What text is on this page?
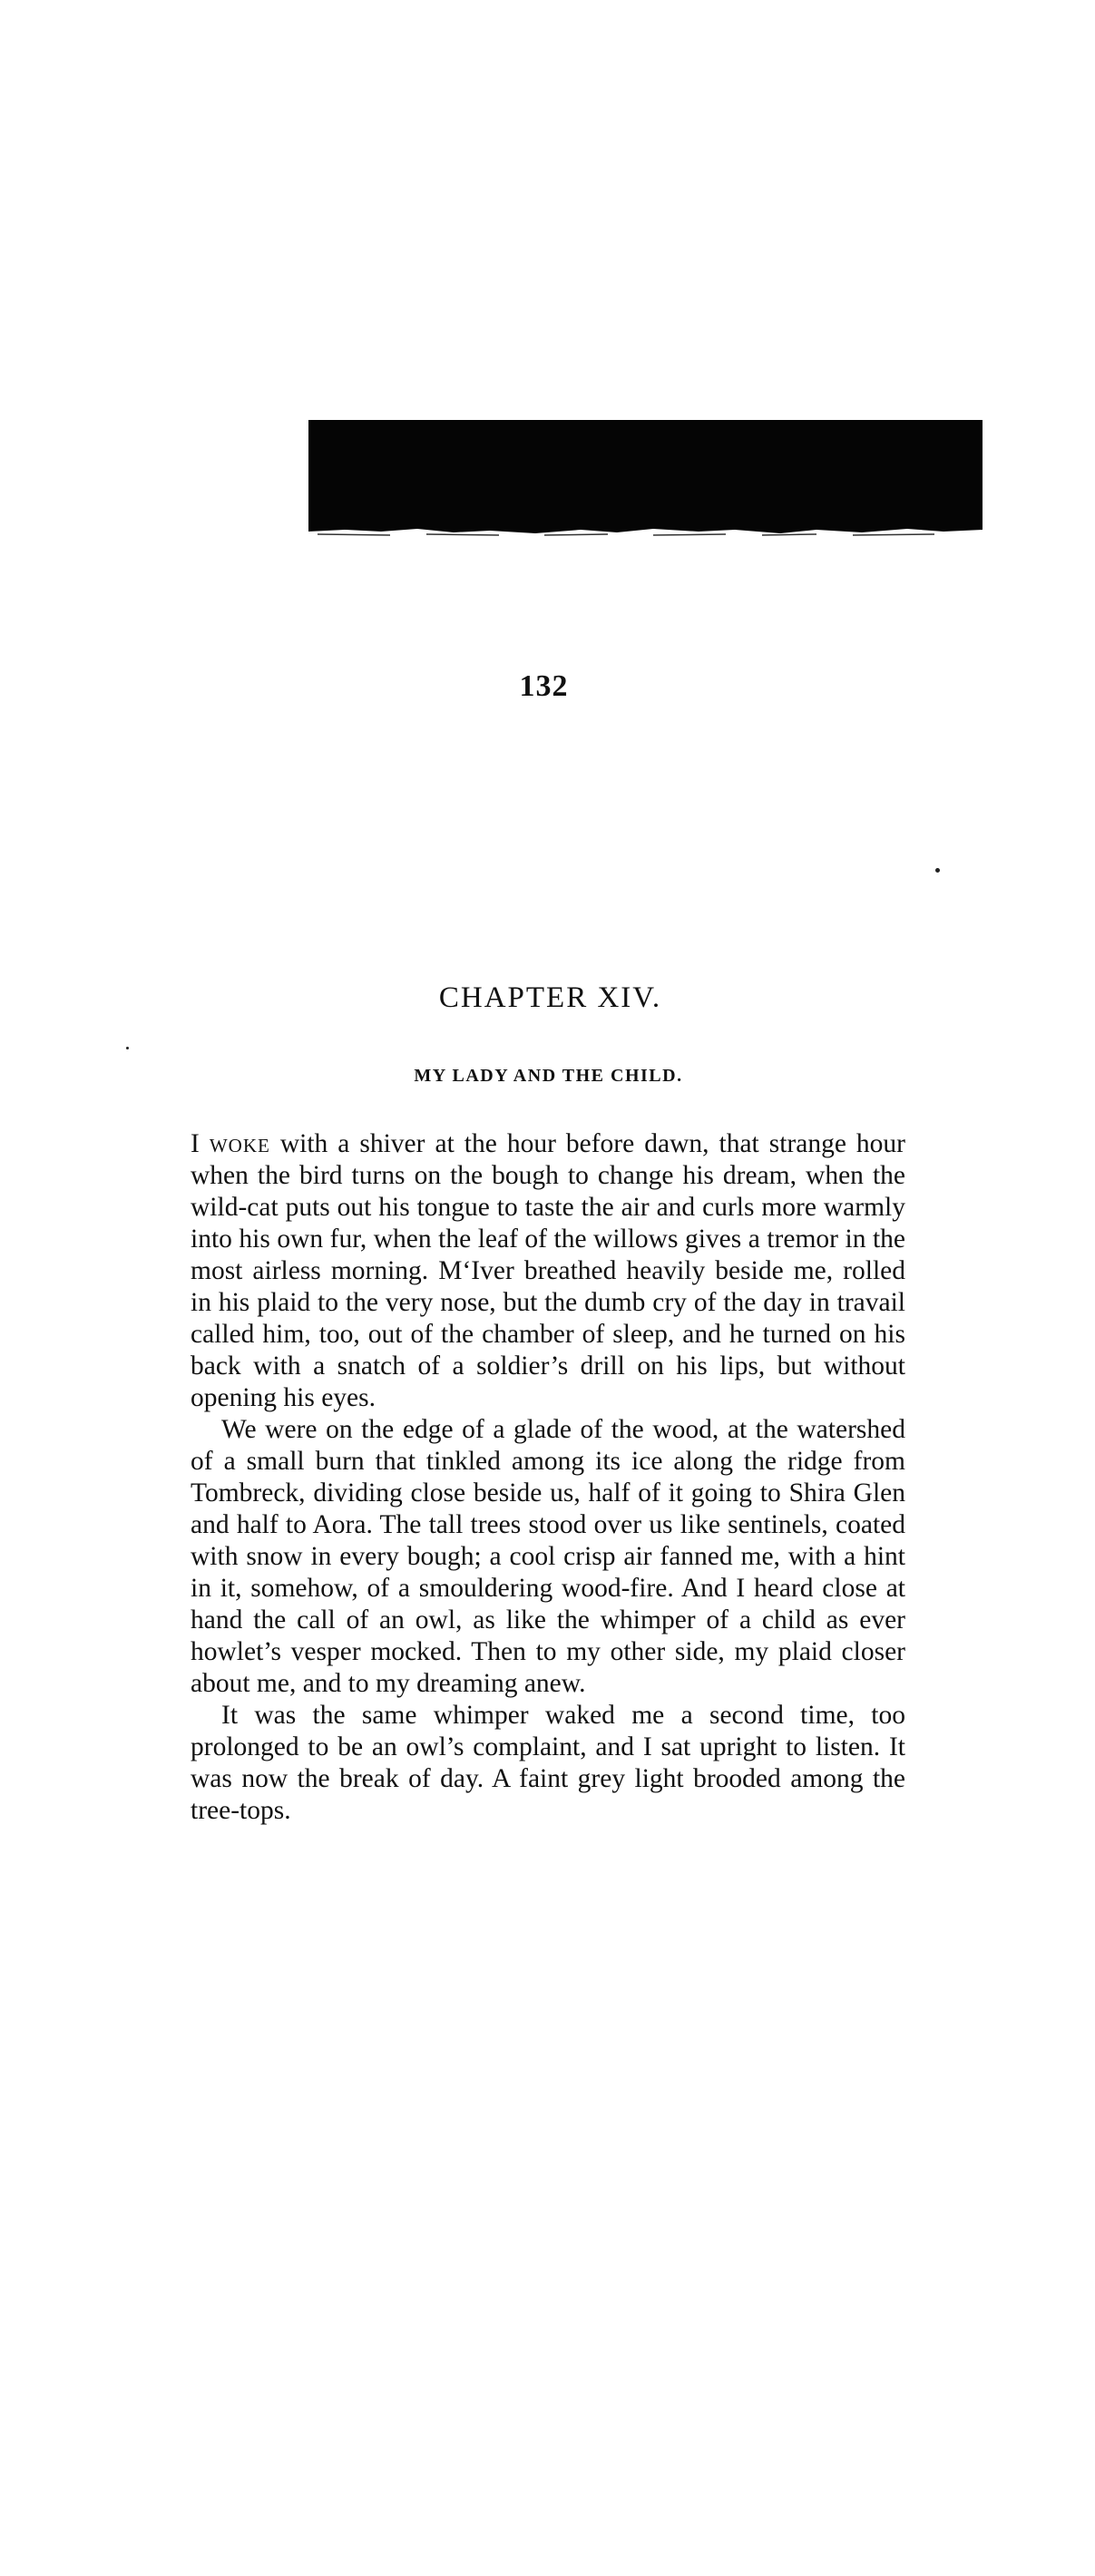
132
CHAPTER XIV.
MY LADY AND THE CHILD.

I woke with a shiver at the hour before dawn, that strange hour when the bird turns on the bough to change his dream, when the wild-cat puts out his tongue to taste the air and curls more warmly into his own fur, when the leaf of the willows gives a tremor in the most airless morning. M‘Iver breathed heavily beside me, rolled in his plaid to the very nose, but the dumb cry of the day in travail called him, too, out of the chamber of sleep, and he turned on his back with a snatch of a soldier’s drill on his lips, but without opening his eyes.

We were on the edge of a glade of the wood, at the watershed of a small burn that tinkled among its ice along the ridge from Tombreck, dividing close beside us, half of it going to Shira Glen and half to Aora. The tall trees stood over us like sentinels, coated with snow in every bough; a cool crisp air fanned me, with a hint in it, somehow, of a smouldering wood-fire. And I heard close at hand the call of an owl, as like the whimper of a child as ever howlet’s vesper mocked. Then to my other side, my plaid closer about me, and to my dreaming anew.

It was the same whimper waked me a second time, too prolonged to be an owl’s complaint, and I sat upright to listen. It was now the break of day. A faint grey light brooded among the tree-tops.
